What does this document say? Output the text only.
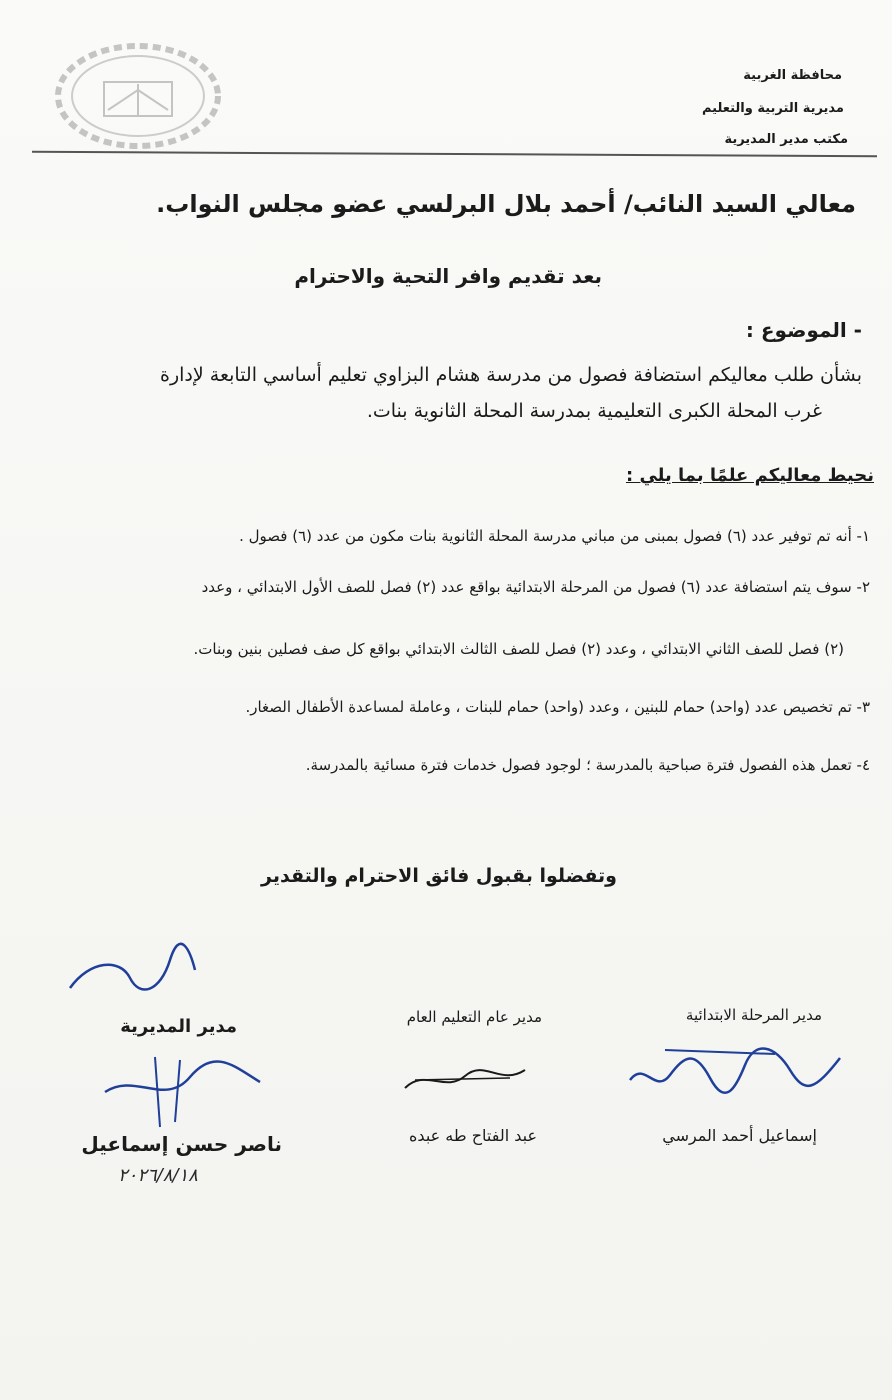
محافظة الغربية
مديرية التربية والتعليم
مكتب مدير المديرية
معالي السيد النائب/ أحمد بلال البرلسي عضو مجلس النواب.
بعد تقديم وافر التحية والاحترام
- الموضوع :
بشأن طلب معاليكم استضافة فصول من مدرسة هشام البزاوي تعليم أساسي التابعة لإدارة
غرب المحلة الكبرى التعليمية بمدرسة المحلة الثانوية بنات.
نحيط معاليكم علمًا بما يلي :
١- أنه تم توفير عدد (٦) فصول بمبنى من مباني مدرسة المحلة الثانوية بنات مكون من عدد (٦) فصول .
٢- سوف يتم استضافة عدد (٦) فصول من المرحلة الابتدائية بواقع عدد (٢) فصل للصف الأول الابتدائي ، وعدد
(٢) فصل للصف الثاني الابتدائي ، وعدد (٢) فصل للصف الثالث الابتدائي بواقع كل صف فصلين بنين وبنات.
٣- تم تخصيص عدد (واحد) حمام للبنين ، وعدد (واحد) حمام للبنات ، وعاملة لمساعدة الأطفال الصغار.
٤- تعمل هذه الفصول فترة صباحية بالمدرسة ؛ لوجود فصول خدمات فترة مسائية بالمدرسة.
وتفضلوا بقبول فائق الاحترام والتقدير
مدير المرحلة الابتدائية
إسماعيل أحمد المرسي
مدير عام التعليم العام
عبد الفتاح طه عبده
مدير المديرية
ناصر حسن إسماعيل
٢٠٢٦/٨/١٨
